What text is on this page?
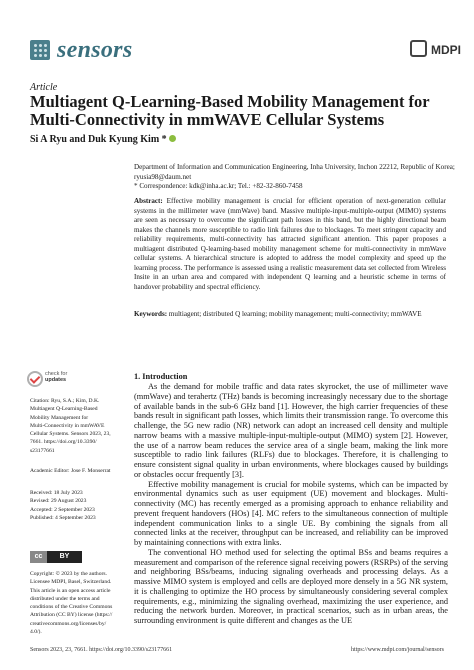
sensors	MDPI
Article
Multiagent Q-Learning-Based Mobility Management for Multi-Connectivity in mmWAVE Cellular Systems
Si A Ryu and Duk Kyung Kim *
Department of Information and Communication Engineering, Inha University, Inchon 22212, Republic of Korea;
ryusia98@daum.net
* Correspondence: kdk@inha.ac.kr; Tel.: +82-32-860-7458

Abstract: Effective mobility management is crucial for efficient operation of next-generation cellular systems in the millimeter wave (mmWave) band. Massive multiple-input-multiple-output (MIMO) systems are seen as necessary to overcome the significant path losses in this band, but the highly directional beam makes the channels more susceptible to radio link failures due to blockages. To meet stringent capacity and reliability requirements, multi-connectivity has attracted significant attention. This paper proposes a multiagent distributed Q-learning-based mobility management scheme for multi-connectivity in mmWave cellular systems. A hierarchical structure is adopted to address the model complexity and speed up the learning process. The performance is assessed using a realistic measurement data set collected from Wireless Insite in an urban area and compared with independent Q learning and a heuristic scheme in terms of handover probability and spectral efficiency.

Keywords: multiagent; distributed Q learning; mobility management; multi-connectivity; mmWAVE

check for
updates
Citation: Ryu, S.A.; Kim, D.K.
Multiagent Q-Learning-Based
Mobility Management for
Multi-Connectivity in mmWAVE
Cellular Systems. Sensors 2023, 23,
7661. https://doi.org/10.3390/
s23177661
Academic Editor: Jose F. Monserrat
Received: 18 July 2023
Revised: 29 August 2023
Accepted: 2 September 2023
Published: 4 September 2023
cc	BY
Copyright: © 2023 by the authors.
Licensee MDPI, Basel, Switzerland.
This article is an open access article
distributed under the terms and
conditions of the Creative Commons
Attribution (CC BY) license (https://
creativecommons.org/licenses/by/
4.0/).
1. Introduction

As the demand for mobile traffic and data rates skyrocket, the use of millimeter wave (mmWave) and terahertz (THz) bands is becoming increasingly necessary due to the shortage of available bands in the sub-6 GHz band [1]. However, the high carrier frequencies of these bands result in significant path losses, which limits their transmission range. To overcome this challenge, the 5G new radio (NR) network can adopt an increased cell density and multiple narrow beams with a massive multiple-input-multiple-output (MIMO) system [2]. However, the use of a narrow beam reduces the service area of a single beam, making the link more susceptible to radio link failures (RLFs) due to blockages. Therefore, it is challenging to ensure consistent signal quality in urban environments, where blockages caused by buildings or obstacles occur frequently [3].

Effective mobility management is crucial for mobile systems, which can be impacted by environmental dynamics such as user equipment (UE) movement and blockages. Multi-connectivity (MC) has recently emerged as a promising approach to enhance reliability and prevent frequent handovers (HOs) [4]. MC refers to the simultaneous connection of multiple independent communication links to a single UE. By combining the signals from all connected links at the receiver, throughput can be increased, and reliability can be improved by maintaining connections with extra links.

The conventional HO method used for selecting the optimal BSs and beams requires a measurement and comparison of the reference signal receiving powers (RSRPs) of the serving and neighboring BSs/beams, inducing signaling overheads and processing delays. As a massive MIMO system is employed and cells are deployed more densely in a 5G NR system, it is challenging to optimize the HO process by simultaneously considering several complex requirements, e.g., minimizing the signaling overhead, maximizing the user experience, and reducing the network burden. Moreover, in practical scenarios, such as in urban areas, the surrounding environment is quite different and changes as the UE

Sensors 2023, 23, 7661. https://doi.org/10.3390/s23177661	https://www.mdpi.com/journal/sensors
